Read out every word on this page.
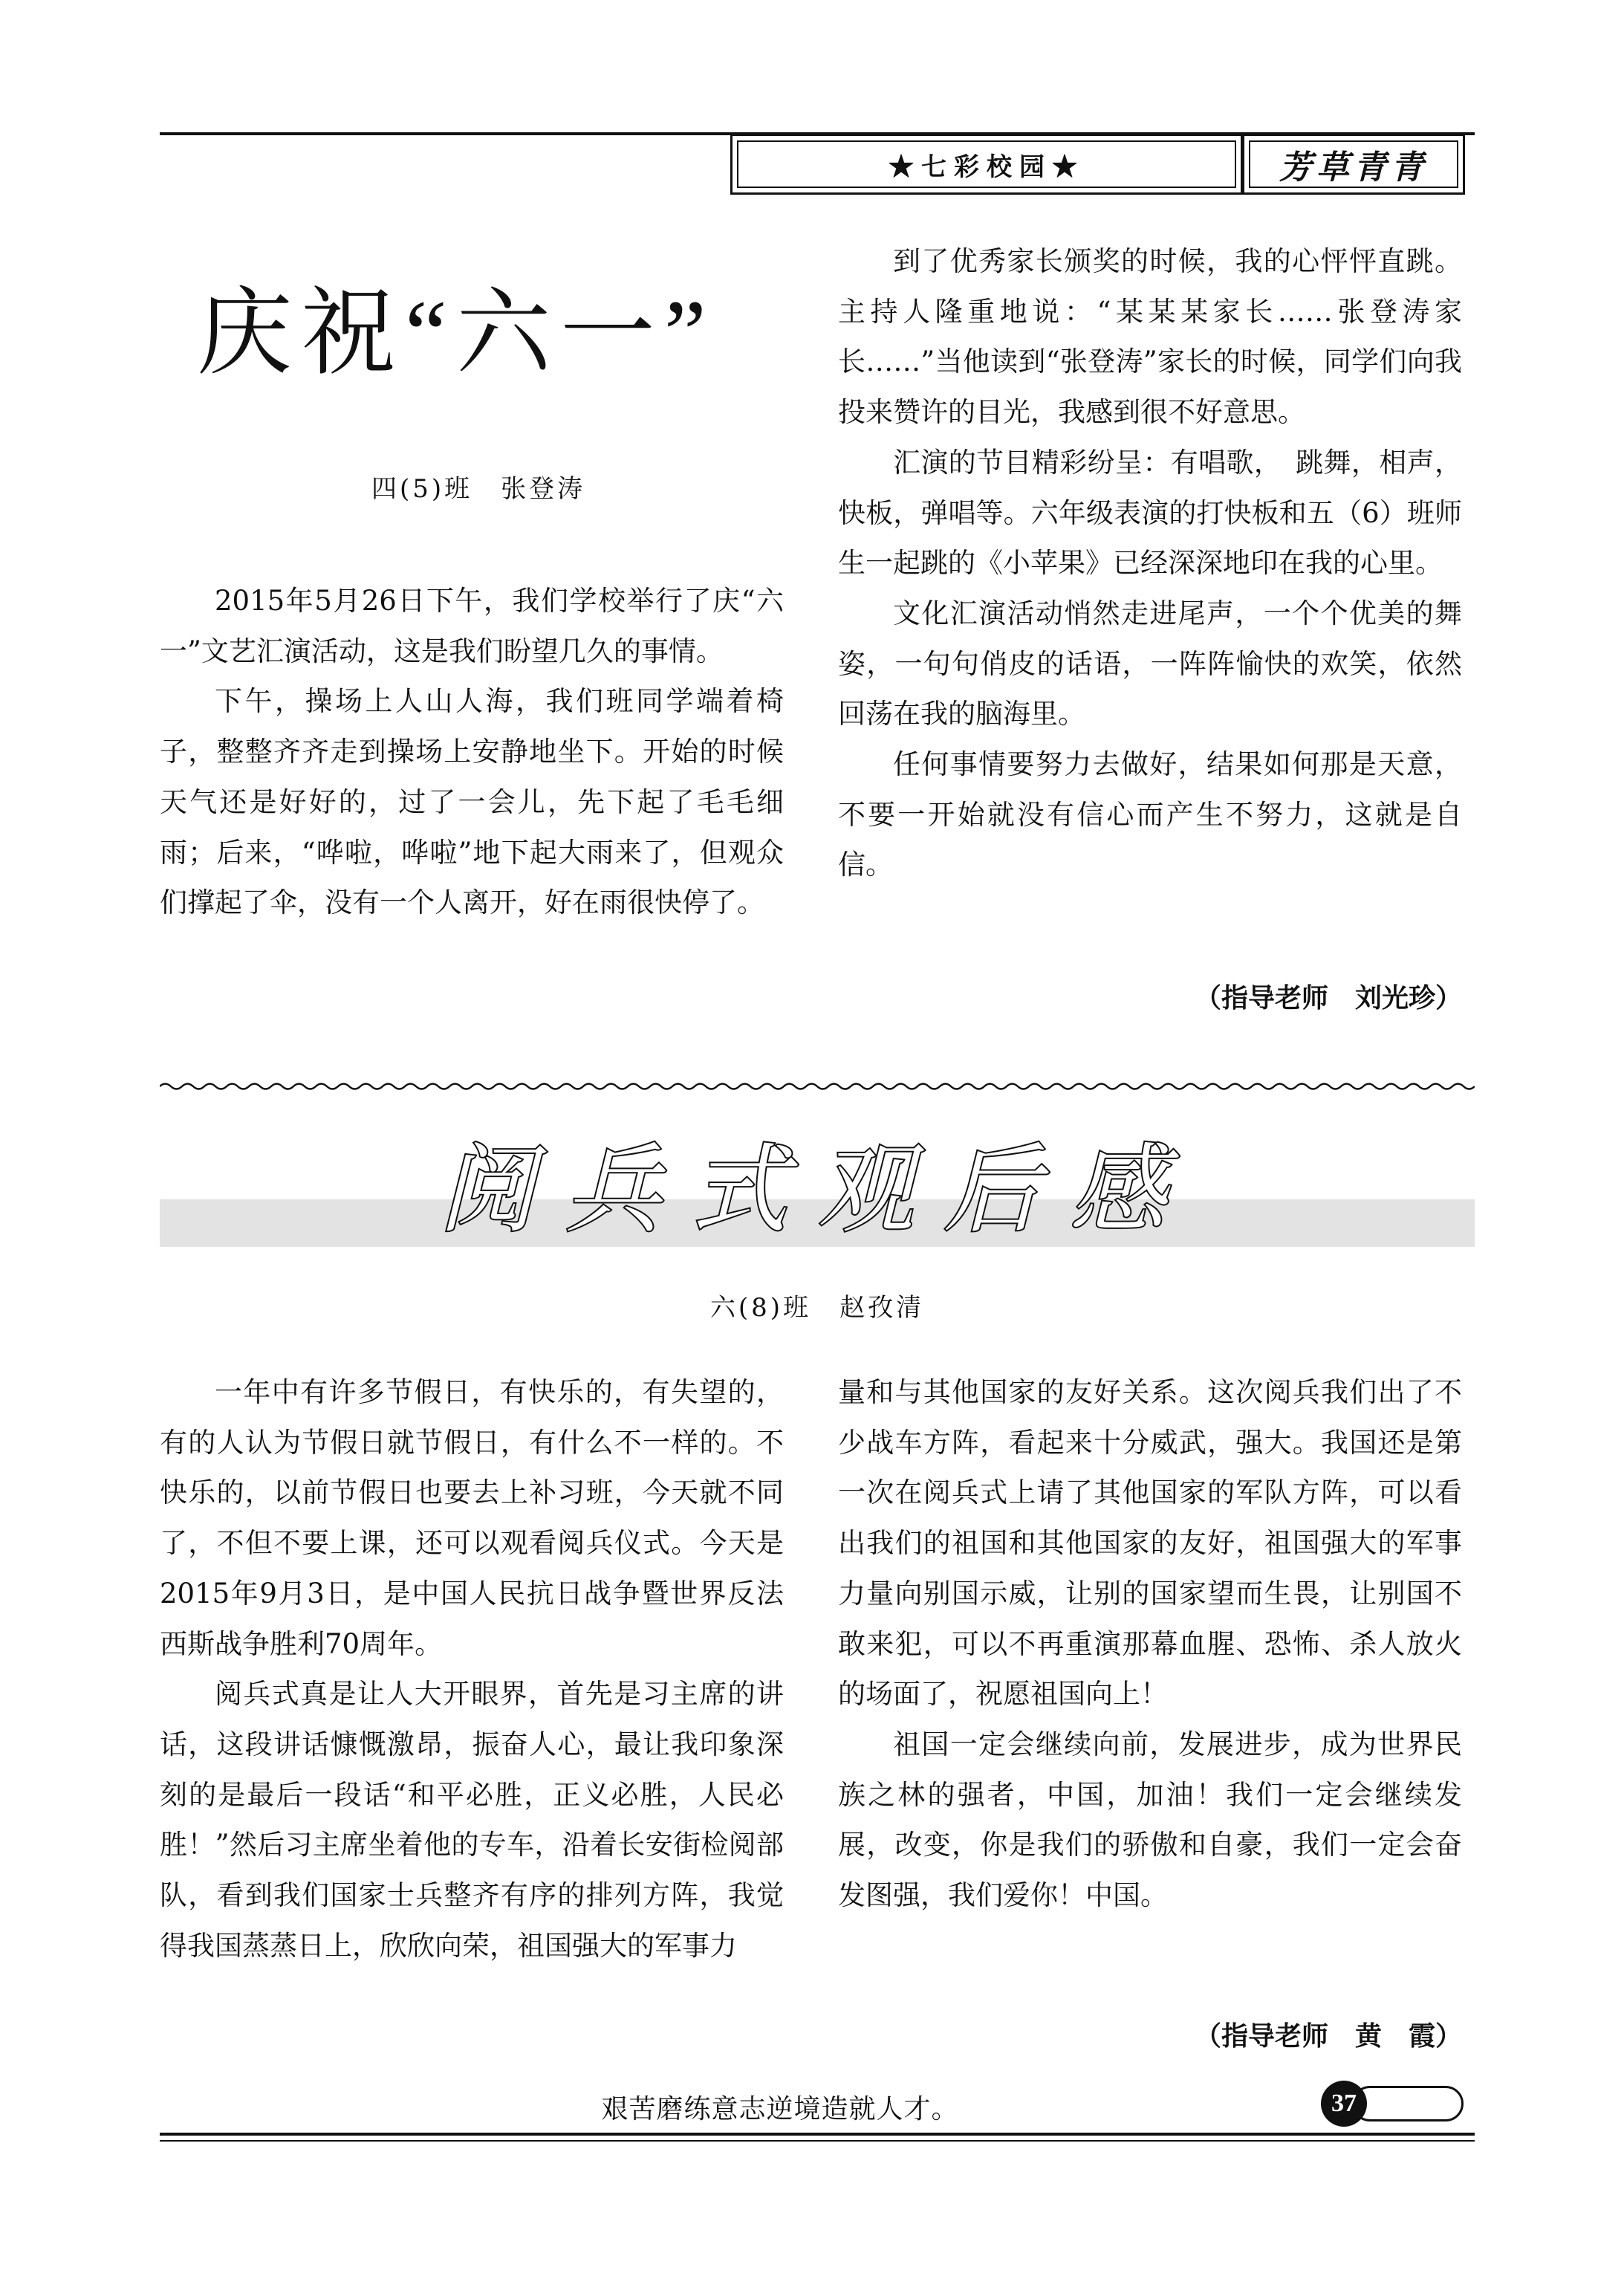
★七彩校园★	芳草青青
庆祝“六一”
四(5)班　张登涛

2015年5月26日下午，我们学校举行了庆“六一”文艺汇演活动，这是我们盼望几久的事情。

下午，操场上人山人海，我们班同学端着椅子，整整齐齐走到操场上安静地坐下。开始的时候天气还是好好的，过了一会儿，先下起了毛毛细雨；后来，“哗啦，哗啦”地下起大雨来了，但观众们撑起了伞，没有一个人离开，好在雨很快停了。

到了优秀家长颁奖的时候，我的心怦怦直跳。主持人隆重地说：“某某某家长……张登涛家长……”当他读到“张登涛”家长的时候，同学们向我投来赞许的目光，我感到很不好意思。

汇演的节目精彩纷呈：有唱歌，　跳舞，相声，快板，弹唱等。六年级表演的打快板和五（6）班师生一起跳的《小苹果》已经深深地印在我的心里。

文化汇演活动悄然走进尾声，一个个优美的舞姿，一句句俏皮的话语，一阵阵愉快的欢笑，依然回荡在我的脑海里。

任何事情要努力去做好，结果如何那是天意，不要一开始就没有信心而产生不努力，这就是自信。

（指导老师　刘光珍）
阅兵式观后感
六(8)班　赵孜清

一年中有许多节假日，有快乐的，有失望的，有的人认为节假日就节假日，有什么不一样的。不快乐的，以前节假日也要去上补习班，今天就不同了，不但不要上课，还可以观看阅兵仪式。今天是2015年9月3日，是中国人民抗日战争暨世界反法西斯战争胜利70周年。

阅兵式真是让人大开眼界，首先是习主席的讲话，这段讲话慷慨激昂，振奋人心，最让我印象深刻的是最后一段话“和平必胜，正义必胜，人民必胜！”然后习主席坐着他的专车，沿着长安街检阅部队，看到我们国家士兵整齐有序的排列方阵，我觉得我国蒸蒸日上，欣欣向荣，祖国强大的军事力

量和与其他国家的友好关系。这次阅兵我们出了不少战车方阵，看起来十分威武，强大。我国还是第一次在阅兵式上请了其他国家的军队方阵，可以看出我们的祖国和其他国家的友好，祖国强大的军事力量向别国示威，让别的国家望而生畏，让别国不敢来犯，可以不再重演那幕血腥、恐怖、杀人放火的场面了，祝愿祖国向上！

祖国一定会继续向前，发展进步，成为世界民族之林的强者，中国，加油！我们一定会继续发展，改变，你是我们的骄傲和自豪，我们一定会奋发图强，我们爱你！中国。

（指导老师　黄　霞）
艰苦磨练意志逆境造就人才。	37
